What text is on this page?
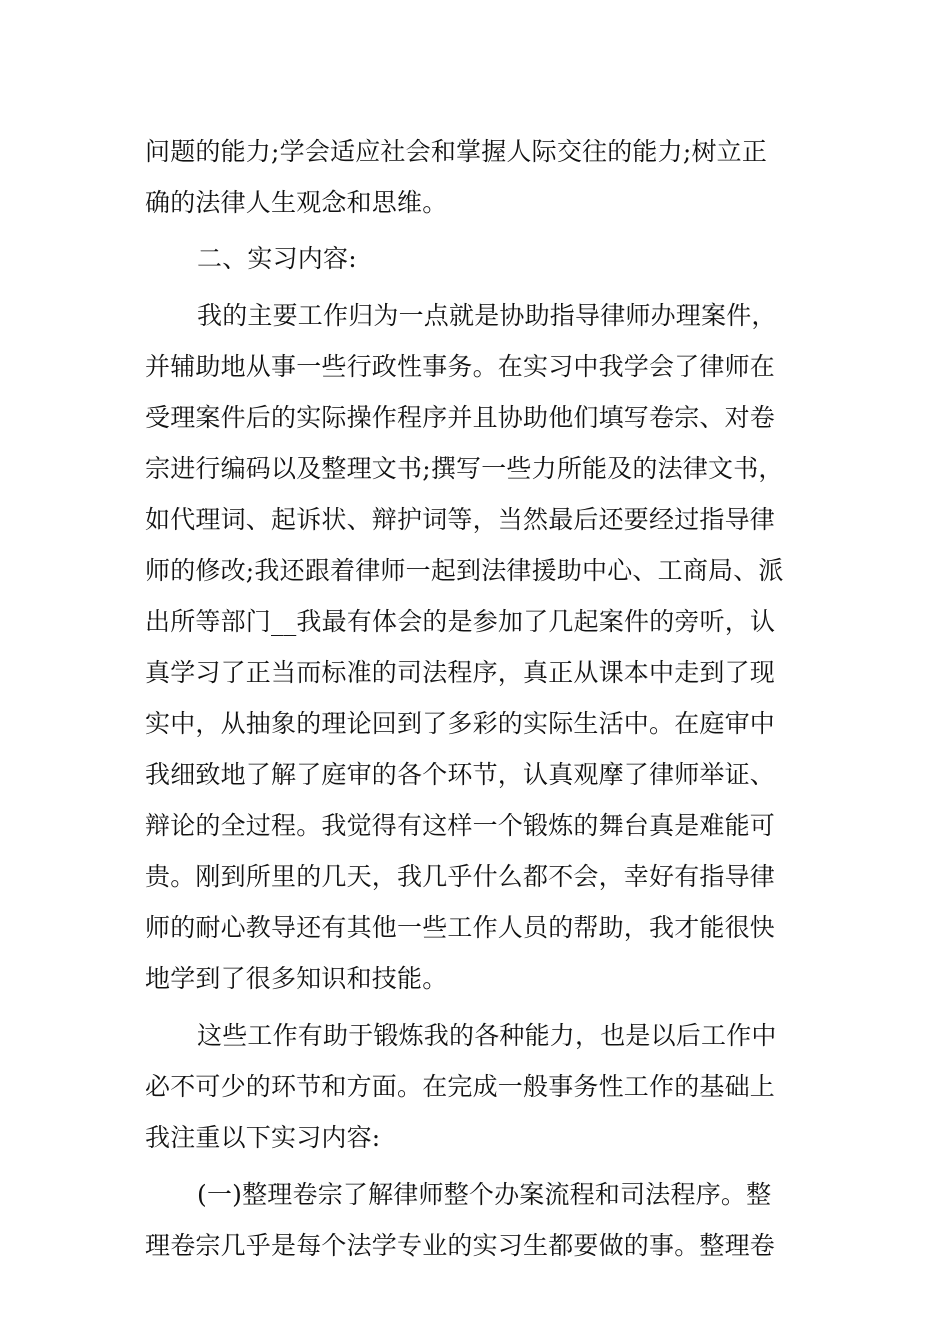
问题的能力;学会适应社会和掌握人际交往的能力;树立正
确的法律人生观念和思维。
二、实习内容:
我的主要工作归为一点就是协助指导律师办理案件，
并辅助地从事一些行政性事务。在实习中我学会了律师在
受理案件后的实际操作程序并且协助他们填写卷宗、对卷
宗进行编码以及整理文书;撰写一些力所能及的法律文书，
如代理词、起诉状、辩护词等，当然最后还要经过指导律
师的修改;我还跟着律师一起到法律援助中心、工商局、派
出所等部门__我最有体会的是参加了几起案件的旁听，认
真学习了正当而标准的司法程序，真正从课本中走到了现
实中，从抽象的理论回到了多彩的实际生活中。在庭审中
我细致地了解了庭审的各个环节，认真观摩了律师举证、
辩论的全过程。我觉得有这样一个锻炼的舞台真是难能可
贵。刚到所里的几天，我几乎什么都不会，幸好有指导律
师的耐心教导还有其他一些工作人员的帮助，我才能很快
地学到了很多知识和技能。
这些工作有助于锻炼我的各种能力，也是以后工作中
必不可少的环节和方面。在完成一般事务性工作的基础上
我注重以下实习内容:
(一)整理卷宗了解律师整个办案流程和司法程序。整
理卷宗几乎是每个法学专业的实习生都要做的事。整理卷
